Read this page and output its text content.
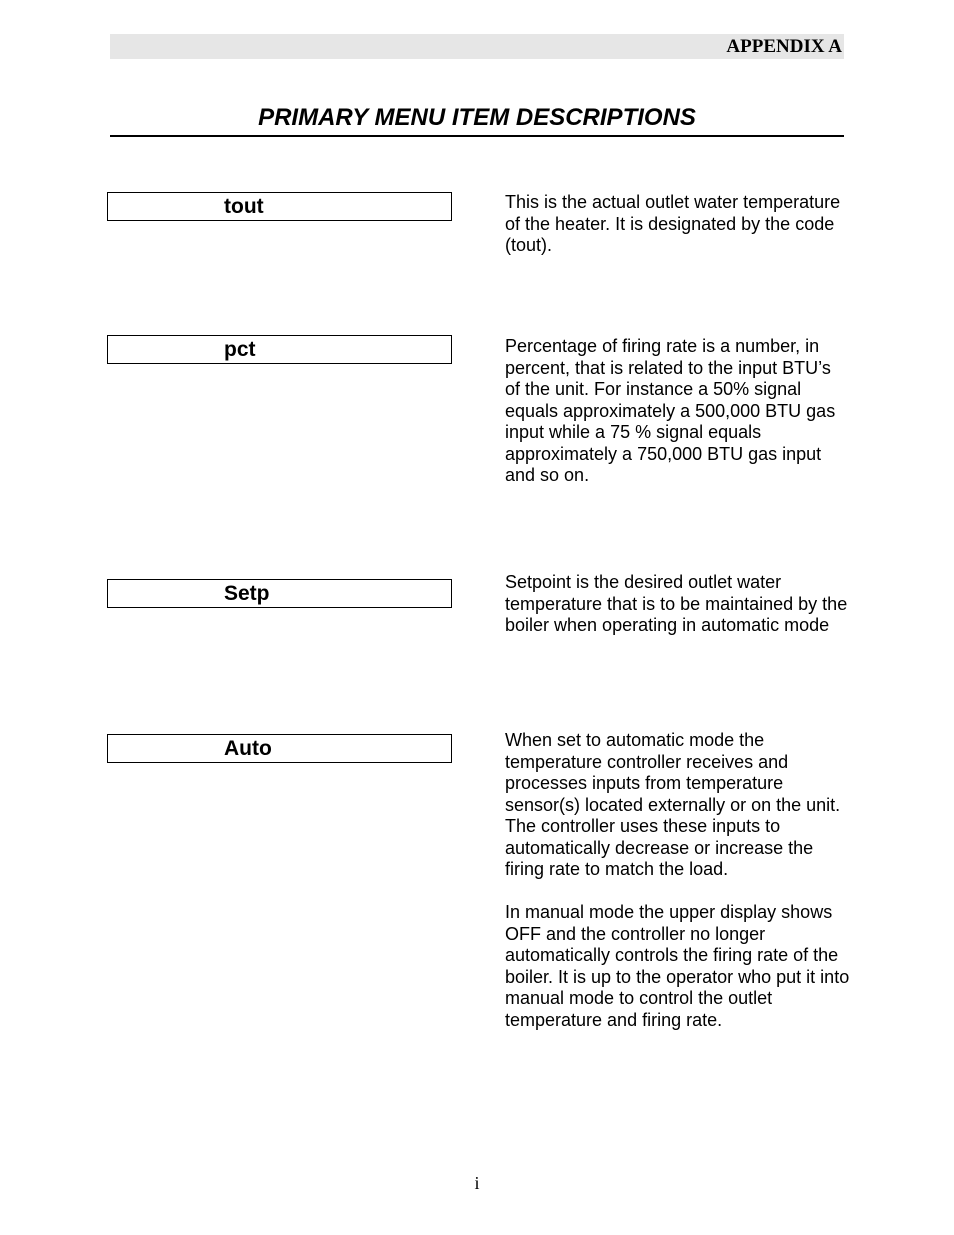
APPENDIX A
PRIMARY MENU ITEM DESCRIPTIONS
tout	This is the actual outlet water temperature of the heater. It is designated by the code (tout).

pct	Percentage of firing rate is a number, in percent, that is related to the input BTU’s of the unit. For instance a 50% signal equals approximately a 500,000 BTU gas input while a 75 % signal equals approximately a 750,000 BTU gas input and so on.

Setp	Setpoint is the desired outlet water temperature that is to be maintained by the boiler when operating in automatic mode

Auto	When set to automatic mode the temperature controller receives and processes inputs from temperature sensor(s) located externally or on the unit. The controller uses these inputs to automatically decrease or increase the firing rate to match the load.

In manual mode the upper display shows OFF and the controller no longer automatically controls the firing rate of the boiler. It is up to the operator who put it into manual mode to control the outlet temperature and firing rate.

i
